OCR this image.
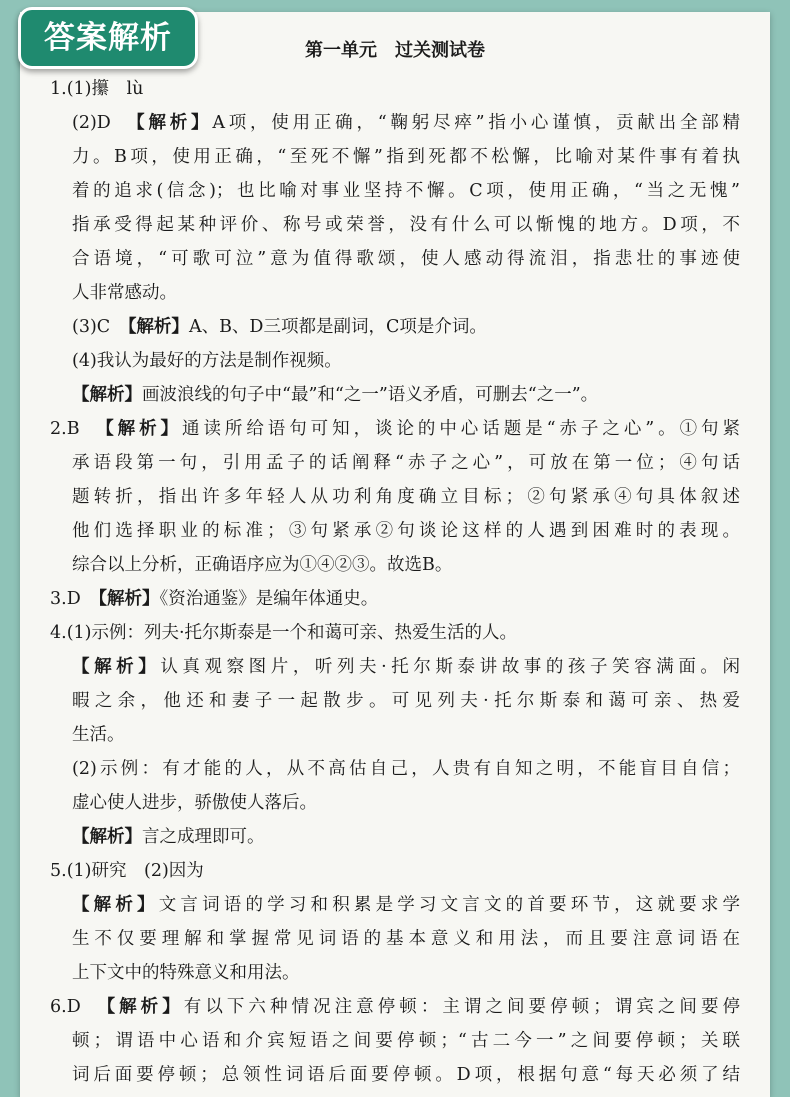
答案解析	第一单元　过关测试卷
1.(1)攥　lù
(2)D　【解析】A项，使用正确，“鞠躬尽瘁”指小心谨慎，贡献出全部精
力。B项，使用正确，“至死不懈”指到死都不松懈，比喻对某件事有着执
着的追求(信念)；也比喻对事业坚持不懈。C项，使用正确，“当之无愧”
指承受得起某种评价、称号或荣誉，没有什么可以惭愧的地方。D项，不
合语境，“可歌可泣”意为值得歌颂，使人感动得流泪，指悲壮的事迹使
人非常感动。
(3)C　【解析】A、B、D三项都是副词，C项是介词。
(4)我认为最好的方法是制作视频。
【解析】画波浪线的句子中“最”和“之一”语义矛盾，可删去“之一”。
2.B　【解析】通读所给语句可知，谈论的中心话题是“赤子之心”。①句紧
承语段第一句，引用孟子的话阐释“赤子之心”，可放在第一位；④句话
题转折，指出许多年轻人从功利角度确立目标；②句紧承④句具体叙述
他们选择职业的标准；③句紧承②句谈论这样的人遇到困难时的表现。
综合以上分析，正确语序应为①④②③。故选B。
3.D　【解析】《资治通鉴》是编年体通史。
4.(1)示例：列夫·托尔斯泰是一个和蔼可亲、热爱生活的人。
【解析】认真观察图片，听列夫·托尔斯泰讲故事的孩子笑容满面。闲
暇之余，他还和妻子一起散步。可见列夫·托尔斯泰和蔼可亲、热爱
生活。
(2)示例：有才能的人，从不高估自己，人贵有自知之明，不能盲目自信；
虚心使人进步，骄傲使人落后。
【解析】言之成理即可。
5.(1)研究　(2)因为
【解析】文言词语的学习和积累是学习文言文的首要环节，这就要求学
生不仅要理解和掌握常见词语的基本意义和用法，而且要注意词语在
上下文中的特殊意义和用法。
6.D　【解析】有以下六种情况注意停顿：主谓之间要停顿；谓宾之间要停
顿；谓语中心语和介宾短语之间要停顿；“古二今一”之间要停顿；关联
词后面要停顿；总领性词语后面要停顿。D项，根据句意“每天必须了结
